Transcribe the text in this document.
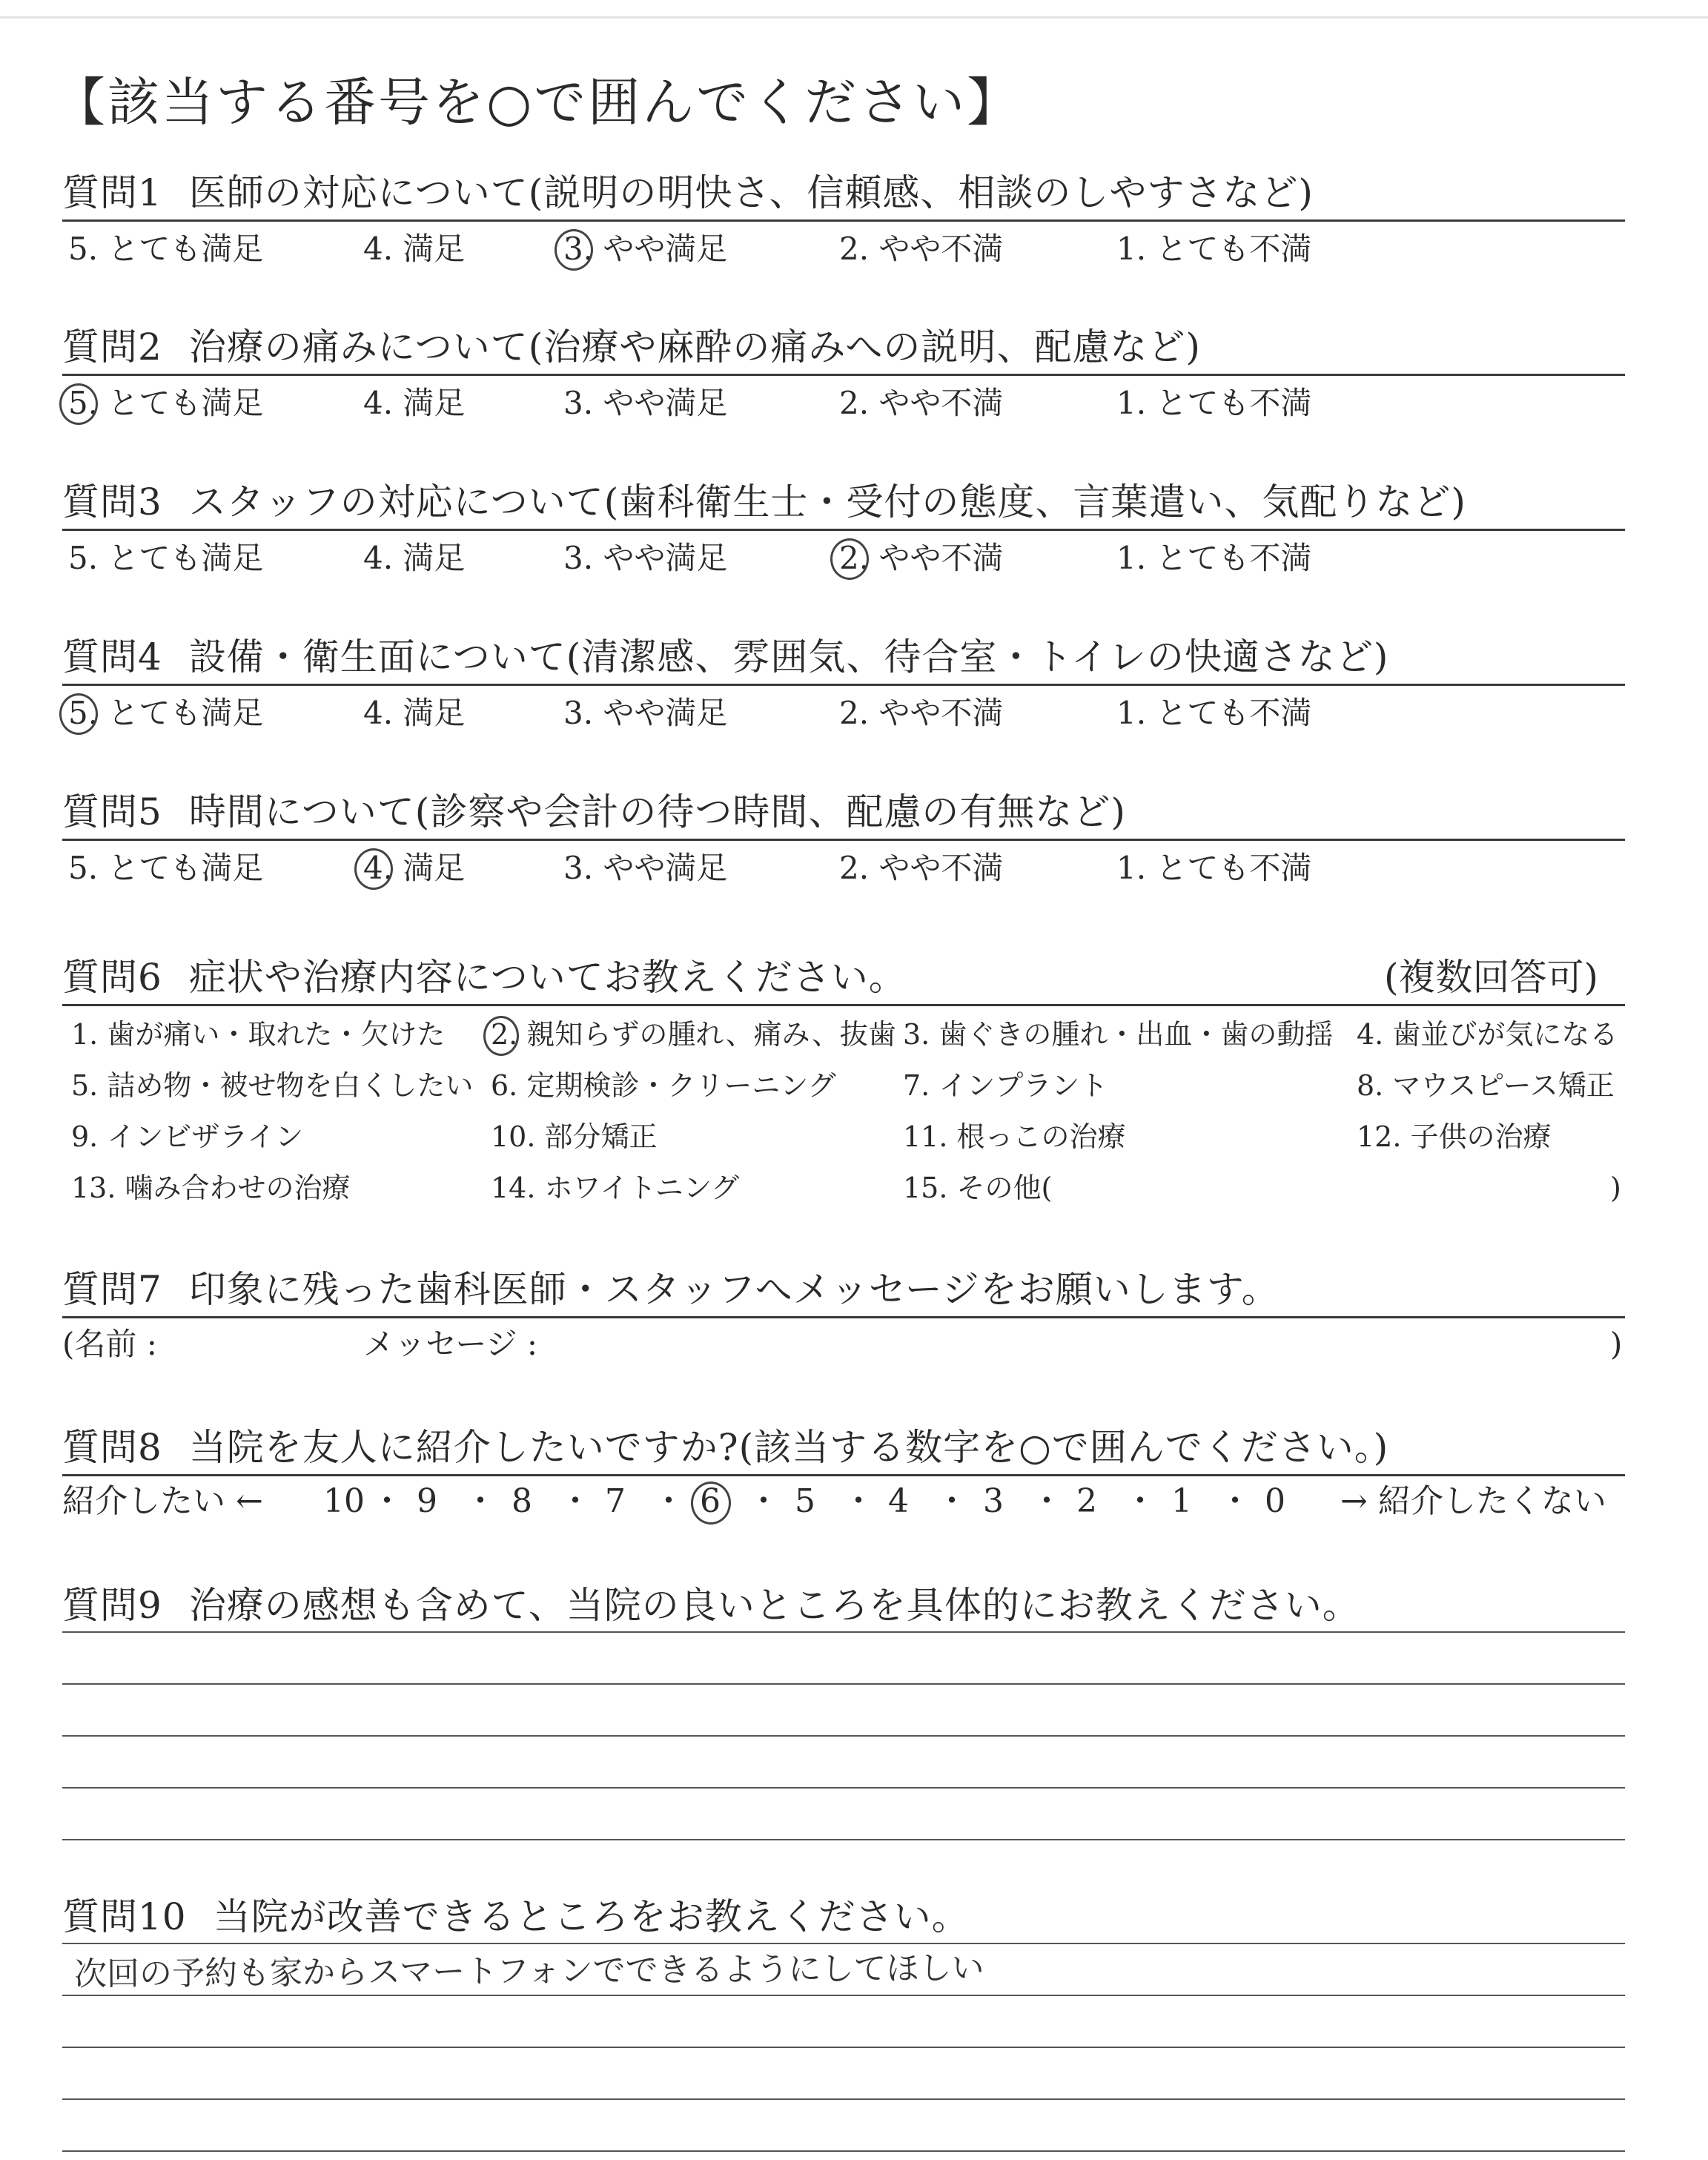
【該当する番号を○で囲んでください】
質問1 医師の対応について(説明の明快さ、信頼感、相談のしやすさなど)
5. とても満足	4. 満足	3. やや満足	2. やや不満	1. とても不満
質問2 治療の痛みについて(治療や麻酔の痛みへの説明、配慮など)
5. とても満足	4. 満足	3. やや満足	2. やや不満	1. とても不満
質問3 スタッフの対応について(歯科衛生士・受付の態度、言葉遣い、気配りなど)
5. とても満足	4. 満足	3. やや満足	2. やや不満	1. とても不満
質問4 設備・衛生面について(清潔感、雰囲気、待合室・トイレの快適さなど)
5. とても満足	4. 満足	3. やや満足	2. やや不満	1. とても不満
質問5 時間について(診察や会計の待つ時間、配慮の有無など)
5. とても満足	4. 満足	3. やや満足	2. やや不満	1. とても不満
質問6 症状や治療内容についてお教えください。	(複数回答可)
1. 歯が痛い・取れた・欠けた 2. 親知らずの腫れ、痛み、抜歯 3. 歯ぐきの腫れ・出血・歯の動揺 4. 歯並びが気になる
5. 詰め物・被せ物を白くしたい 6. 定期検診・クリーニング 7. インプラント	8. マウスピース矯正
9. インビザライン	10. 部分矯正	11. 根っこの治療	12. 子供の治療
13. 噛み合わせの治療	14. ホワイトニング	15. その他(	)
質問7 印象に残った歯科医師・スタッフへメッセージをお願いします。
(名前 :	メッセージ :	)
質問8 当院を友人に紹介したいですか?(該当する数字を○で囲んでください。)
紹介したい ←	→ 紹介したくない
10 ・ 9 ・ 8 ・ 7 ・ 6 ・ 5 ・ 4 ・ 3 ・ 2 ・ 1 ・ 0
質問9 治療の感想も含めて、当院の良いところを具体的にお教えください。
質問10 当院が改善できるところをお教えください。
次回の予約も家からスマートフォンでできるようにしてほしい
